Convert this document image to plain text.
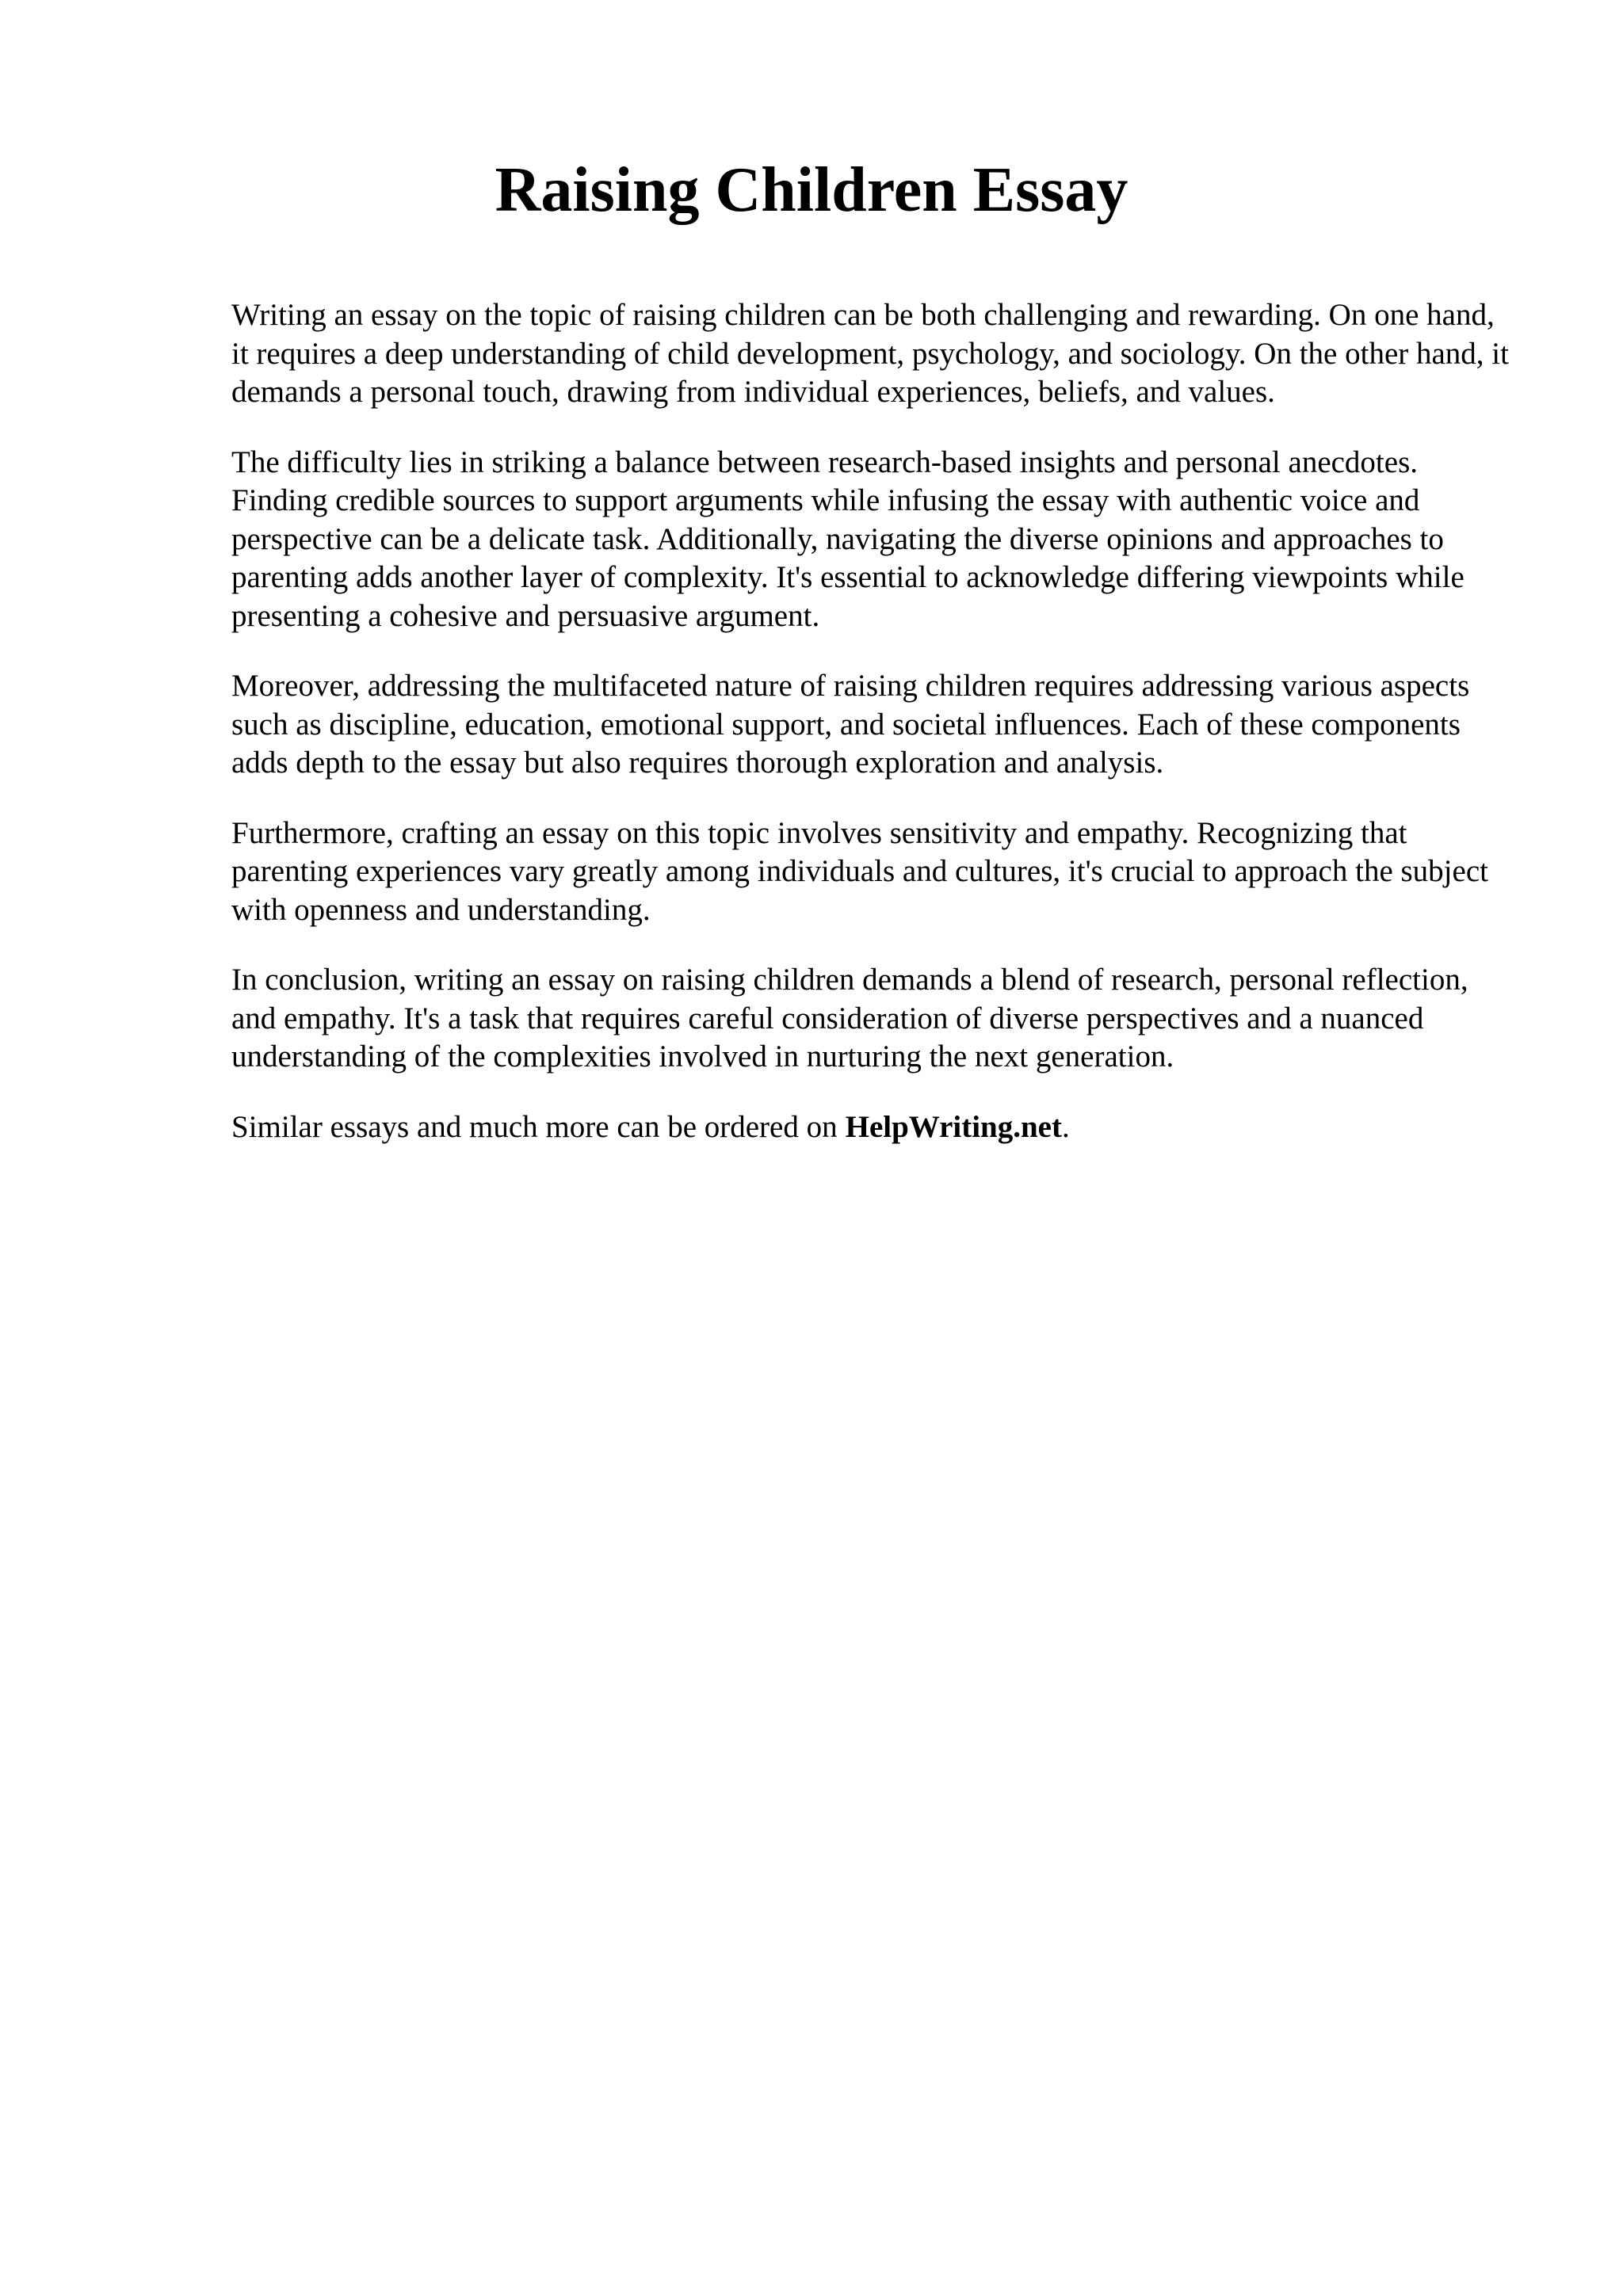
Raising Children Essay

Writing an essay on the topic of raising children can be both challenging and rewarding. On one hand, it requires a deep understanding of child development, psychology, and sociology. On the other hand, it demands a personal touch, drawing from individual experiences, beliefs, and values.

The difficulty lies in striking a balance between research-based insights and personal anecdotes. Finding credible sources to support arguments while infusing the essay with authentic voice and perspective can be a delicate task. Additionally, navigating the diverse opinions and approaches to parenting adds another layer of complexity. It's essential to acknowledge differing viewpoints while presenting a cohesive and persuasive argument.

Moreover, addressing the multifaceted nature of raising children requires addressing various aspects such as discipline, education, emotional support, and societal influences. Each of these components adds depth to the essay but also requires thorough exploration and analysis.

Furthermore, crafting an essay on this topic involves sensitivity and empathy. Recognizing that parenting experiences vary greatly among individuals and cultures, it's crucial to approach the subject with openness and understanding.

In conclusion, writing an essay on raising children demands a blend of research, personal reflection, and empathy. It's a task that requires careful consideration of diverse perspectives and a nuanced understanding of the complexities involved in nurturing the next generation.

Similar essays and much more can be ordered on HelpWriting.net.
